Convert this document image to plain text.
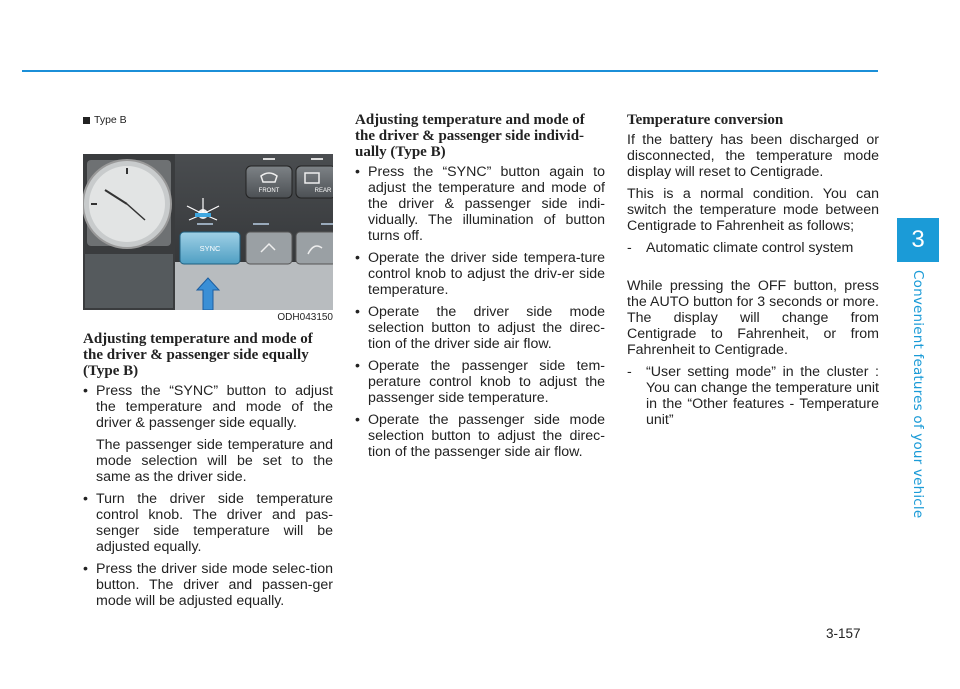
3
Convenient features of your vehicle
Type B
FRONT	REAR
SYNC
ODH043150
Adjusting temperature and mode of the driver & passenger side equally (Type B)
• Press the “SYNC” button to adjust the temperature and mode of the driver & passenger side equally.

The passenger side temperature and mode selection will be set to the same as the driver side.

• Turn the driver side temperature control knob. The driver and pas-senger side temperature will be adjusted equally.
• Press the driver side mode selec-tion button. The driver and passen-ger mode will be adjusted equally.
Adjusting temperature and mode of the driver & passenger side individ-ually (Type B)
• Press the “SYNC” button again to adjust the temperature and mode of the driver & passenger side indi-vidually. The illumination of button turns off.
• Operate the driver side tempera-ture control knob to adjust the driv-er side temperature.
• Operate the driver side mode selection button to adjust the direc-tion of the driver side air flow.
• Operate the passenger side tem-perature control knob to adjust the passenger side temperature.
• Operate the passenger side mode selection button to adjust the direc-tion of the passenger side air flow.
Temperature conversion

If the battery has been discharged or disconnected, the temperature mode display will reset to Centigrade.

This is a normal condition. You can switch the temperature mode between Centigrade to Fahrenheit as follows;

- Automatic climate control system

While pressing the OFF button, press the AUTO button for 3 seconds or more. The display will change from Centigrade to Fahrenheit, or from Fahrenheit to Centigrade.

- “User setting mode” in the cluster : You can change the temperature unit in the “Other features - Temperature unit”

3-157
